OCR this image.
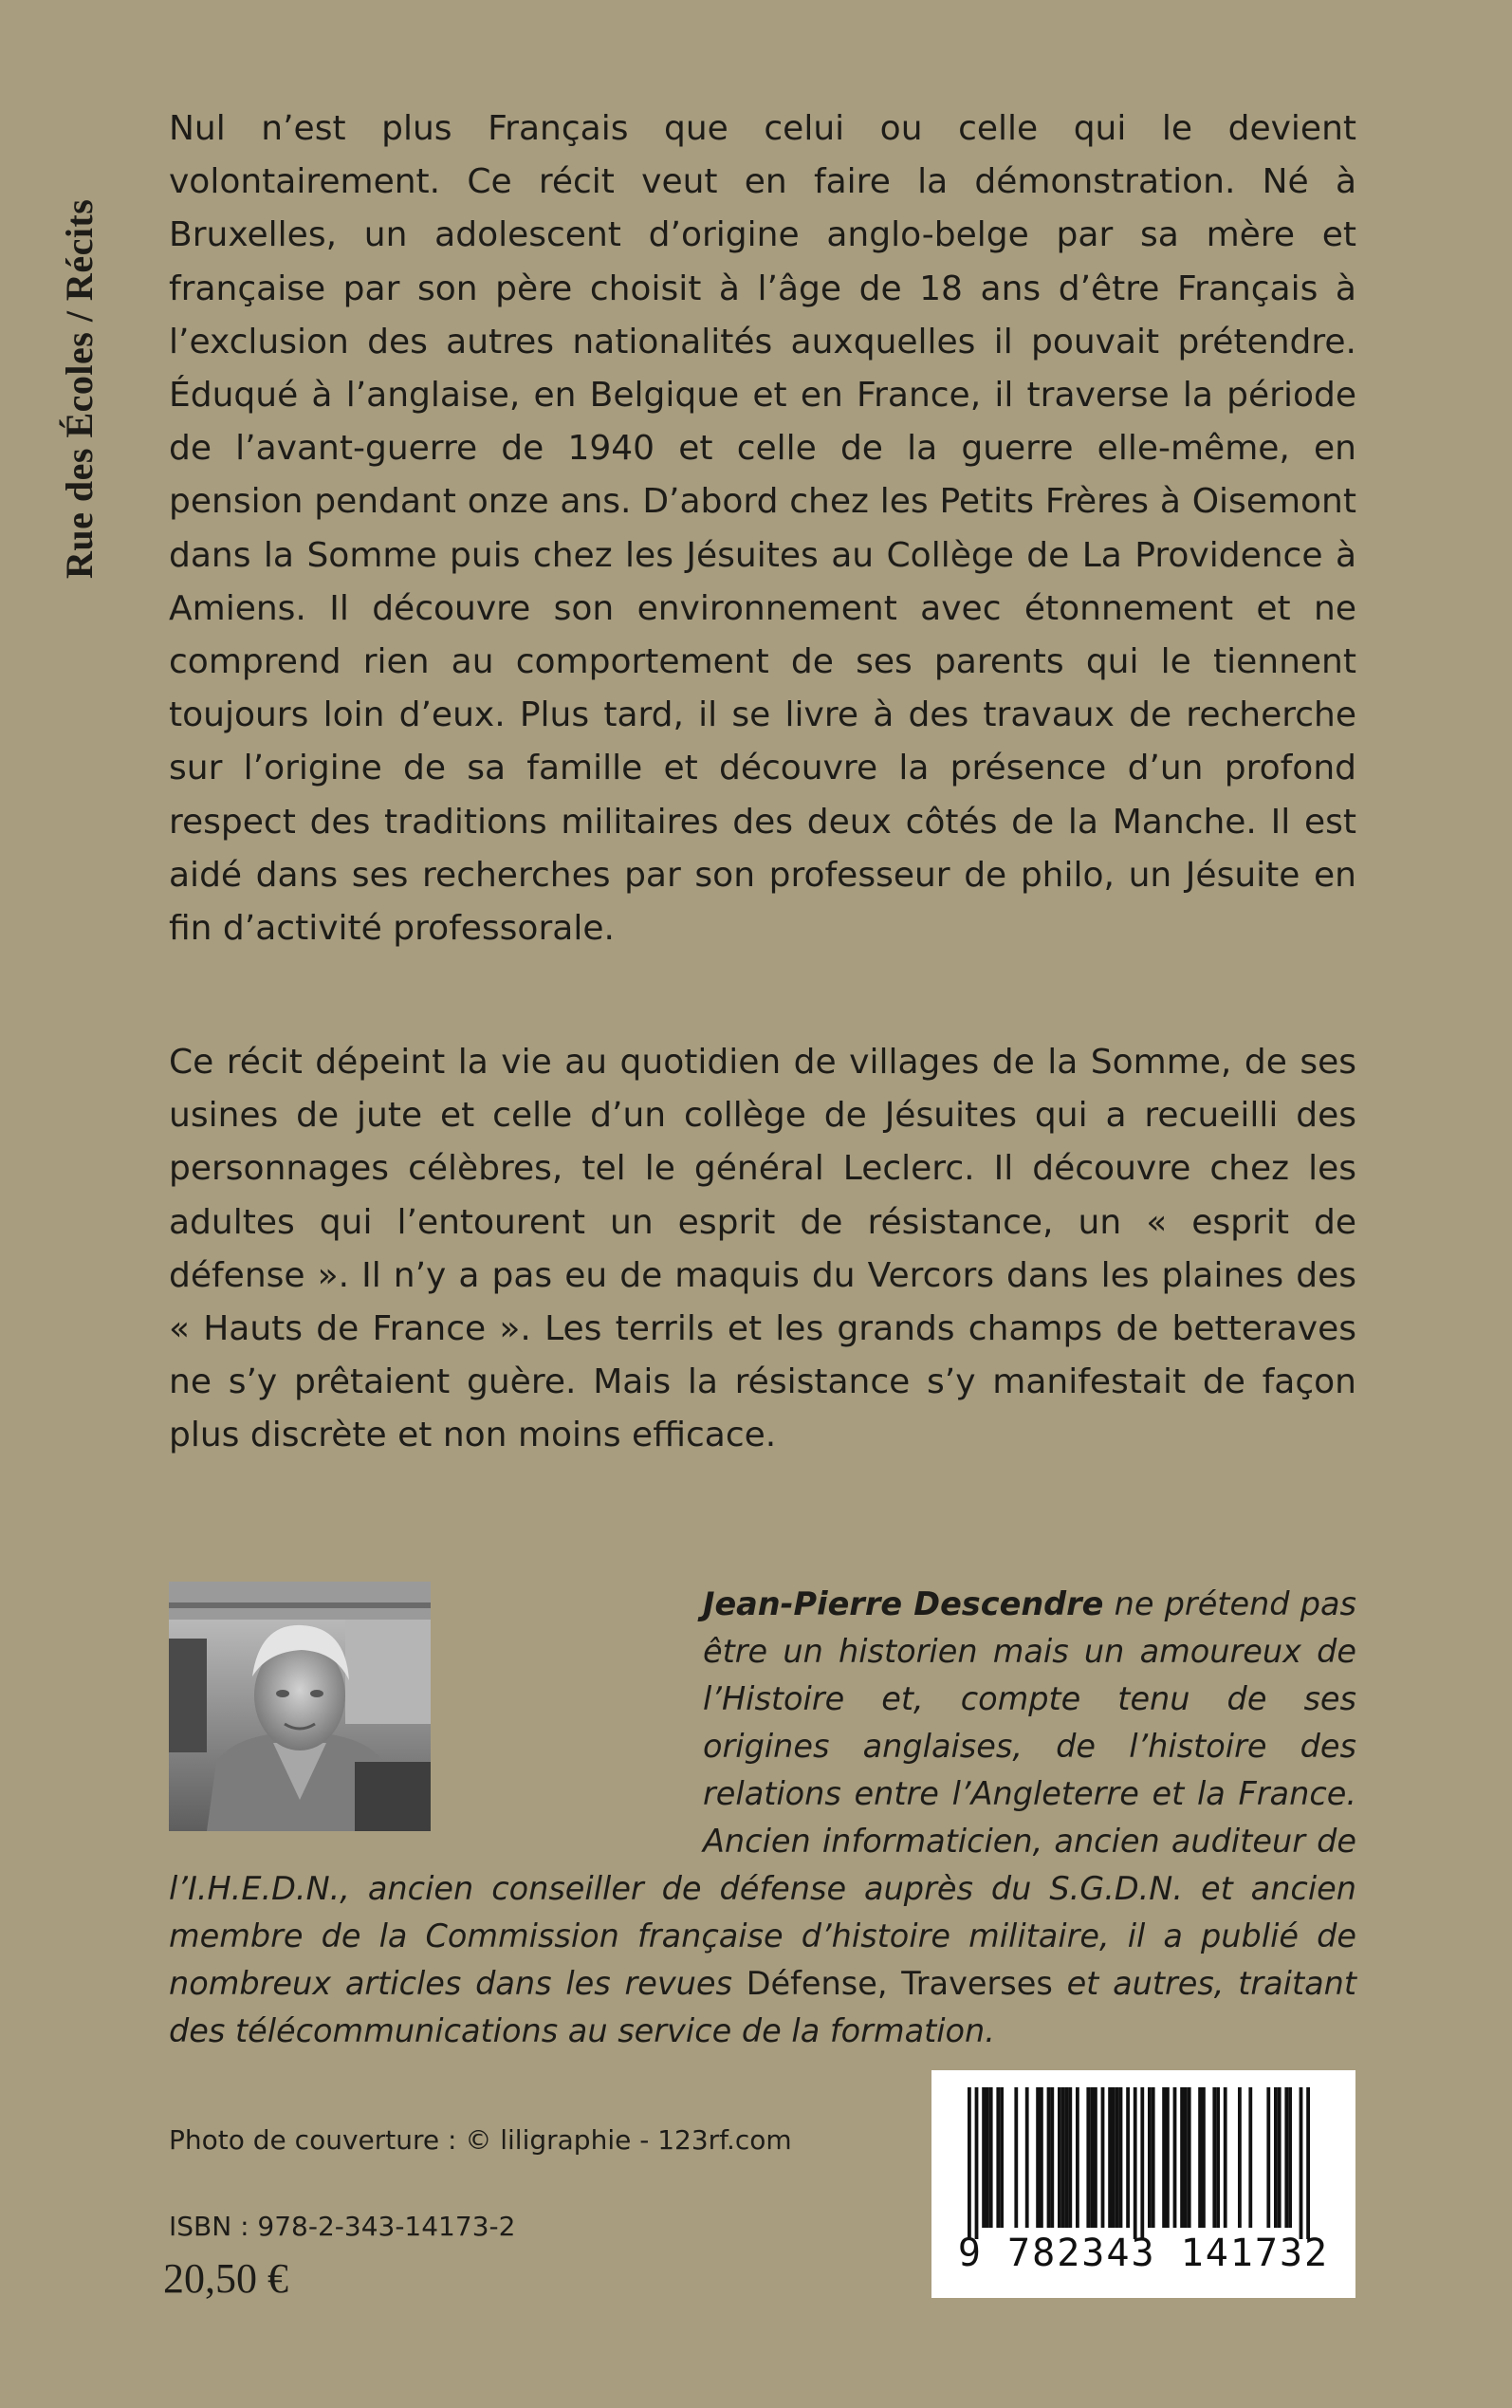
Rue des Écoles / Récits

Nul n’est plus Français que celui ou celle qui le devient volontairement. Ce récit veut en faire la démonstration. Né à Bruxelles, un adolescent d’origine anglo-belge par sa mère et française par son père choisit à l’âge de 18 ans d’être Français à l’exclusion des autres nationalités auxquelles il pouvait prétendre. Éduqué à l’anglaise, en Belgique et en France, il traverse la période de l’avant-guerre de 1940 et celle de la guerre elle-même, en pension pendant onze ans. D’abord chez les Petits Frères à Oisemont dans la Somme puis chez les Jésuites au Collège de La Providence à Amiens. Il découvre son environnement avec étonnement et ne comprend rien au comportement de ses parents qui le tiennent toujours loin d’eux. Plus tard, il se livre à des travaux de recherche sur l’origine de sa famille et découvre la présence d’un profond respect des traditions militaires des deux côtés de la Manche. Il est aidé dans ses recherches par son professeur de philo, un Jésuite en fin d’activité professorale.

Ce récit dépeint la vie au quotidien de villages de la Somme, de ses usines de jute et celle d’un collège de Jésuites qui a recueilli des personnages célèbres, tel le général Leclerc. Il découvre chez les adultes qui l’entourent un esprit de résistance, un « esprit de défense ». Il n’y a pas eu de maquis du Vercors dans les plaines des « Hauts de France ». Les terrils et les grands champs de betteraves ne s’y prêtaient guère. Mais la résistance s’y manifestait de façon plus discrète et non moins efficace.

Jean-Pierre Descendre ne prétend pas être un historien mais un amoureux de l’Histoire et, compte tenu de ses origines anglaises, de l’histoire des relations entre l’Angleterre et la France. Ancien informaticien, ancien auditeur de l’I.H.E.D.N., ancien conseiller de défense auprès du S.G.D.N. et ancien membre de la Commission française d’histoire militaire, il a publié de nombreux articles dans les revues Défense, Traverses et autres, traitant des télécommunications au service de la formation.
Photo de couverture : © liligraphie - 123rf.com
ISBN : 978-2-343-14173-2
20,50 €
9 782343 141732
